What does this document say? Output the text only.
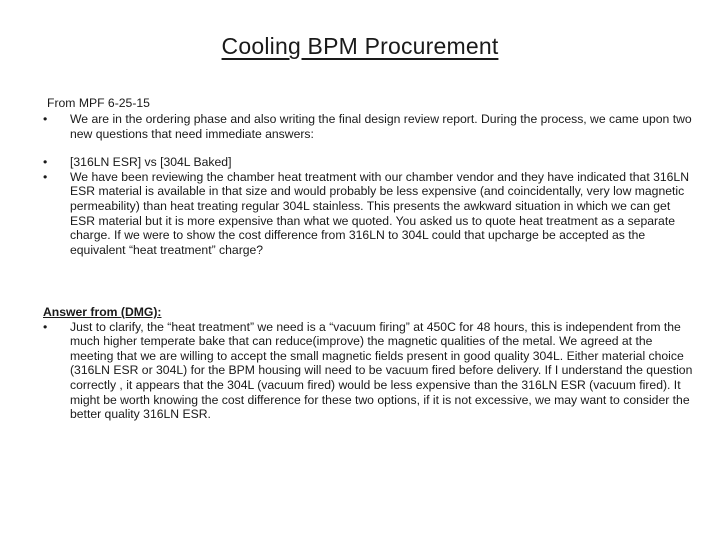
Cooling BPM Procurement
From MPF 6-25-15

•	We are in the ordering phase and also writing the final design review report. During the process, we came upon two new questions that need immediate answers:

•	[316LN ESR] vs [304L Baked]

•	We have been reviewing the chamber heat treatment with our chamber vendor and they have indicated that 316LN ESR material is available in that size and would probably be less expensive (and coincidentally, very low magnetic permeability) than heat treating regular 304L stainless. This presents the awkward situation in which we can get ESR material but it is more expensive than what we quoted. You asked us to quote heat treatment as a separate charge. If we were to show the cost difference from 316LN to 304L could that upcharge be accepted as the equivalent “heat treatment” charge?

Answer from (DMG):

•	Just to clarify, the “heat treatment” we need is a “vacuum firing” at 450C for 48 hours, this is independent from the much higher temperate bake that can reduce(improve) the magnetic qualities of the metal. We agreed at the meeting that we are willing to accept the small magnetic fields present in good quality 304L. Either material choice (316LN ESR or 304L) for the BPM housing will need to be vacuum fired before delivery. If I understand the question correctly , it appears that the 304L (vacuum fired) would be less expensive than the 316LN ESR (vacuum fired). It might be worth knowing the cost difference for these two options, if it is not excessive, we may want to consider the better quality 316LN ESR.
